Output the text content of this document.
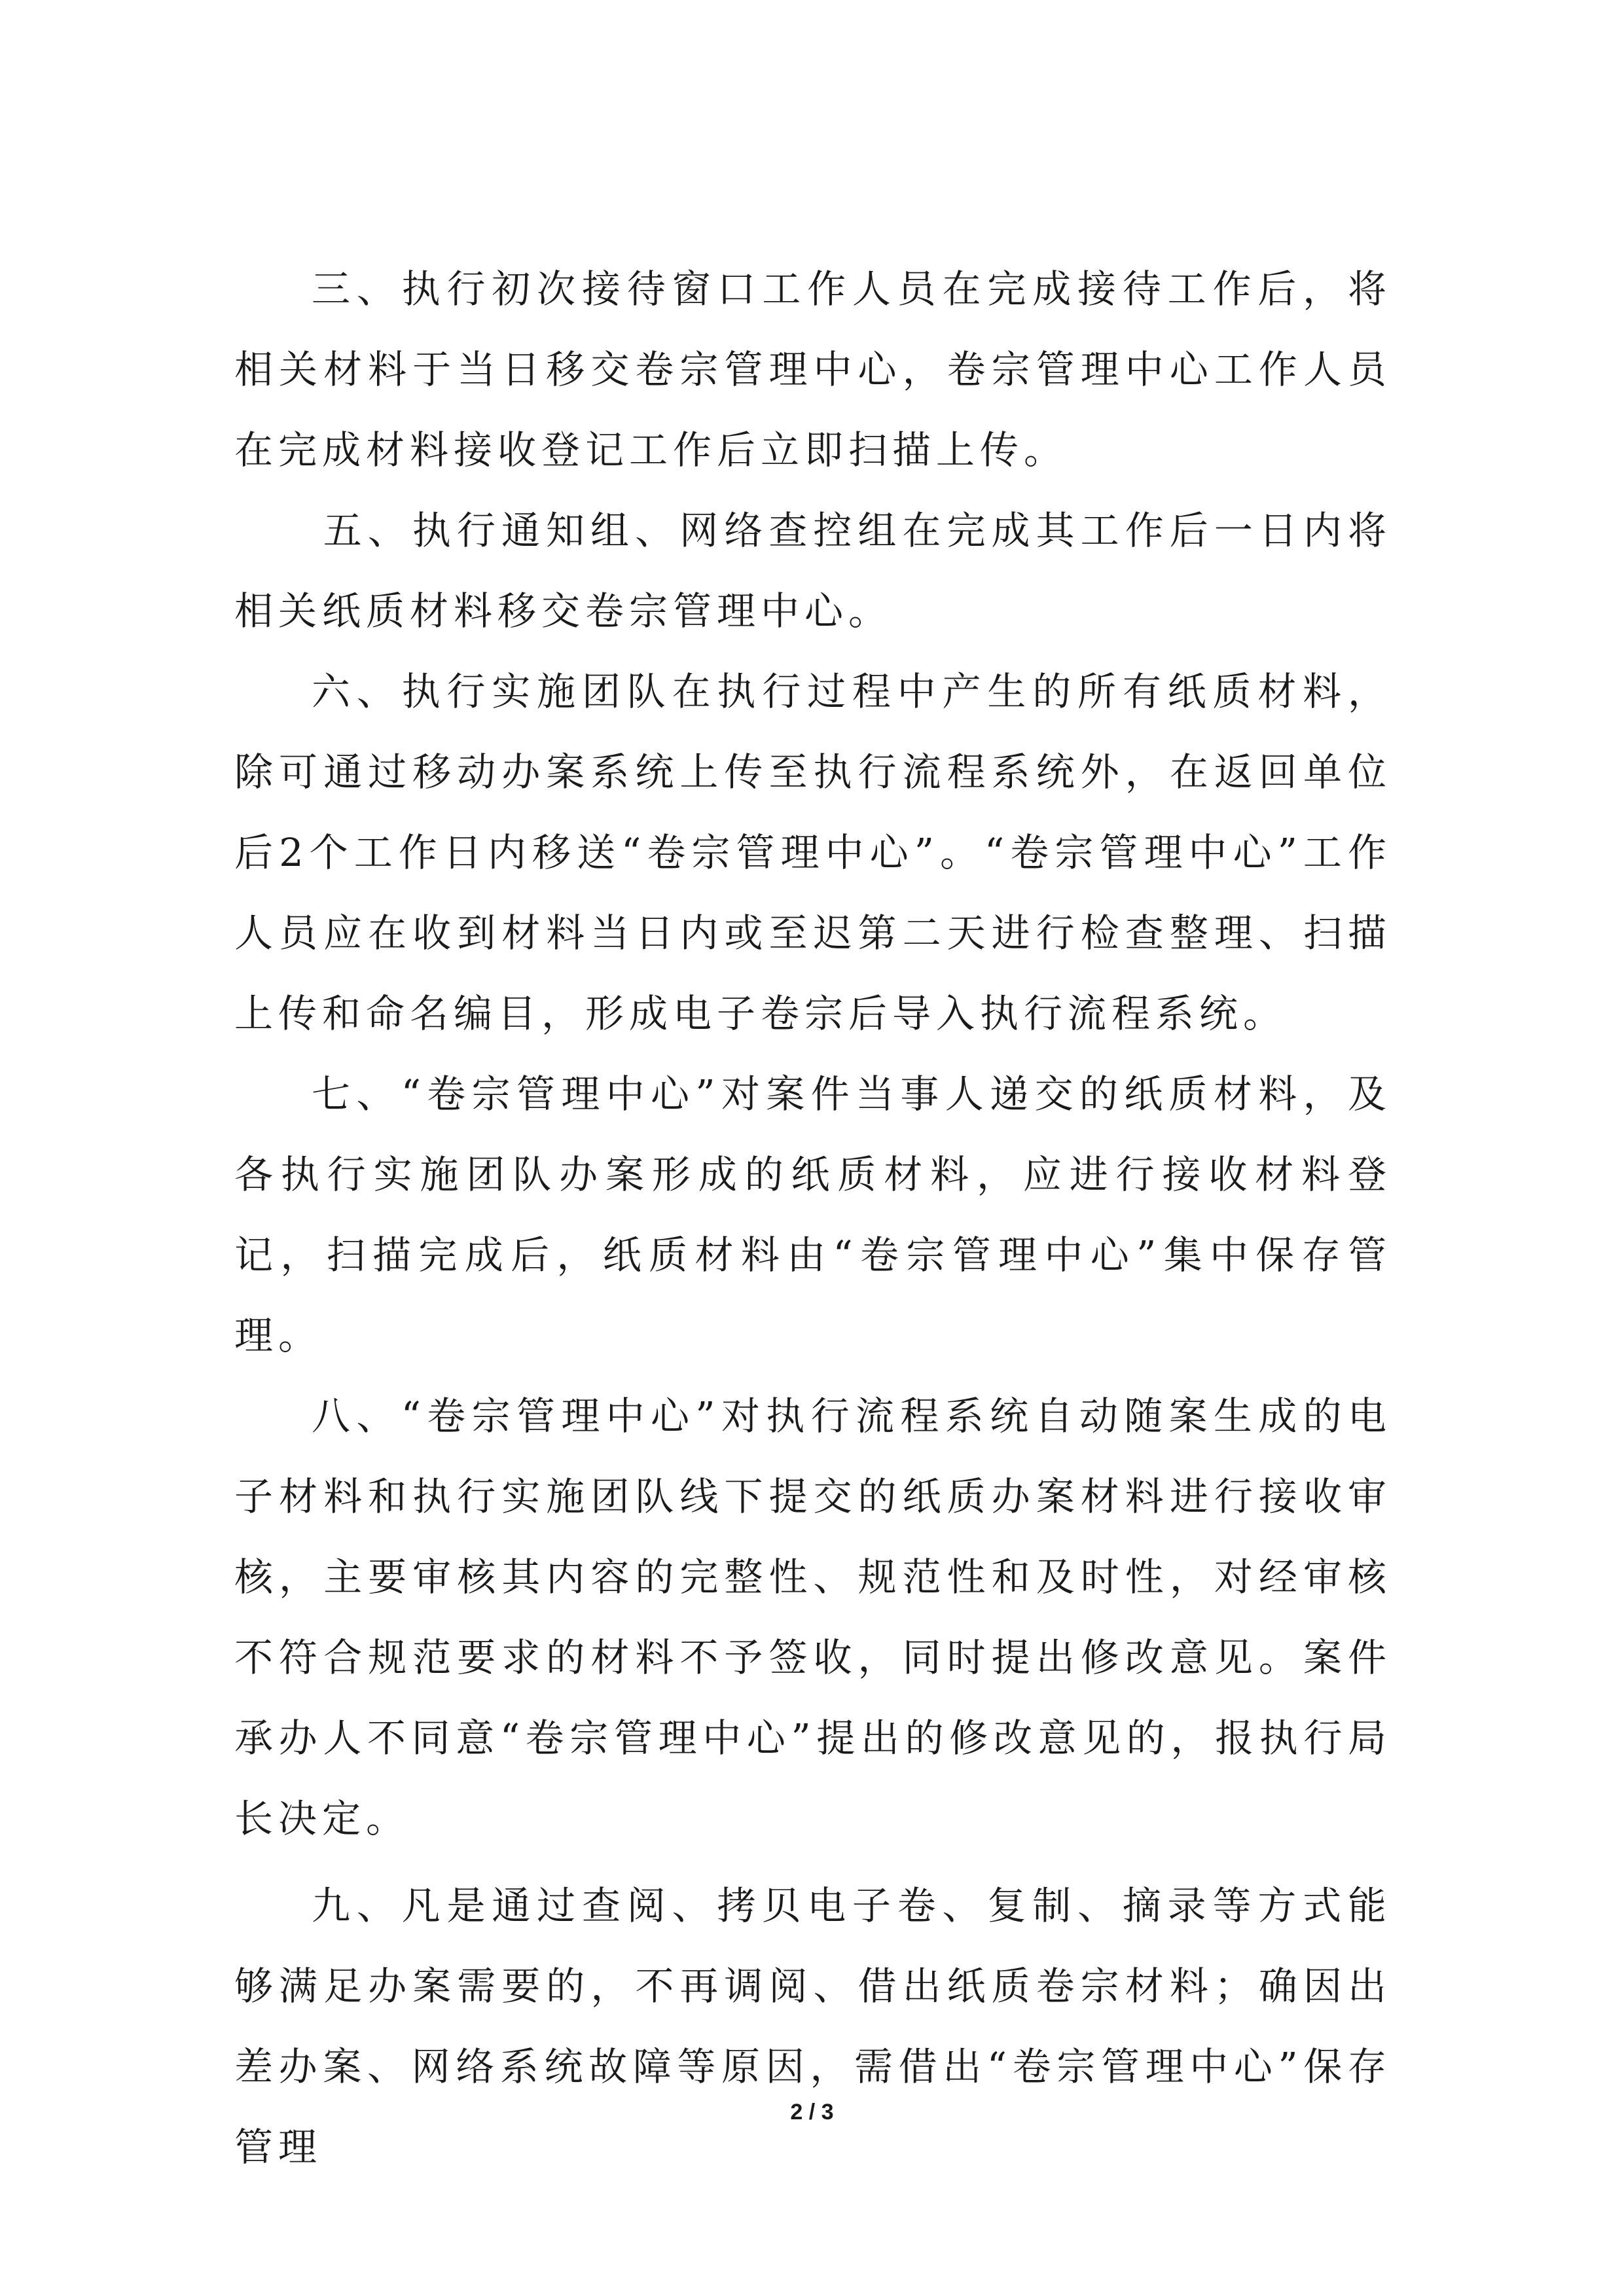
三、执行初次接待窗口工作人员在完成接待工作后，将相关材料于当日移交卷宗管理中心，卷宗管理中心工作人员在完成材料接收登记工作后立即扫描上传。

五、执行通知组、网络查控组在完成其工作后一日内将相关纸质材料移交卷宗管理中心。

六、执行实施团队在执行过程中产生的所有纸质材料，除可通过移动办案系统上传至执行流程系统外，在返回单位后2个工作日内移送“卷宗管理中心”。“卷宗管理中心”工作人员应在收到材料当日内或至迟第二天进行检查整理、扫描上传和命名编目，形成电子卷宗后导入执行流程系统。

七、“卷宗管理中心”对案件当事人递交的纸质材料，及各执行实施团队办案形成的纸质材料，应进行接收材料登记，扫描完成后，纸质材料由“卷宗管理中心”集中保存管理。

八、“卷宗管理中心”对执行流程系统自动随案生成的电子材料和执行实施团队线下提交的纸质办案材料进行接收审核，主要审核其内容的完整性、规范性和及时性，对经审核不符合规范要求的材料不予签收，同时提出修改意见。案件承办人不同意“卷宗管理中心”提出的修改意见的，报执行局长决定。

九、凡是通过查阅、拷贝电子卷、复制、摘录等方式能够满足办案需要的，不再调阅、借出纸质卷宗材料；确因出差办案、网络系统故障等原因，需借出“卷宗管理中心”保存管理

2 / 3
